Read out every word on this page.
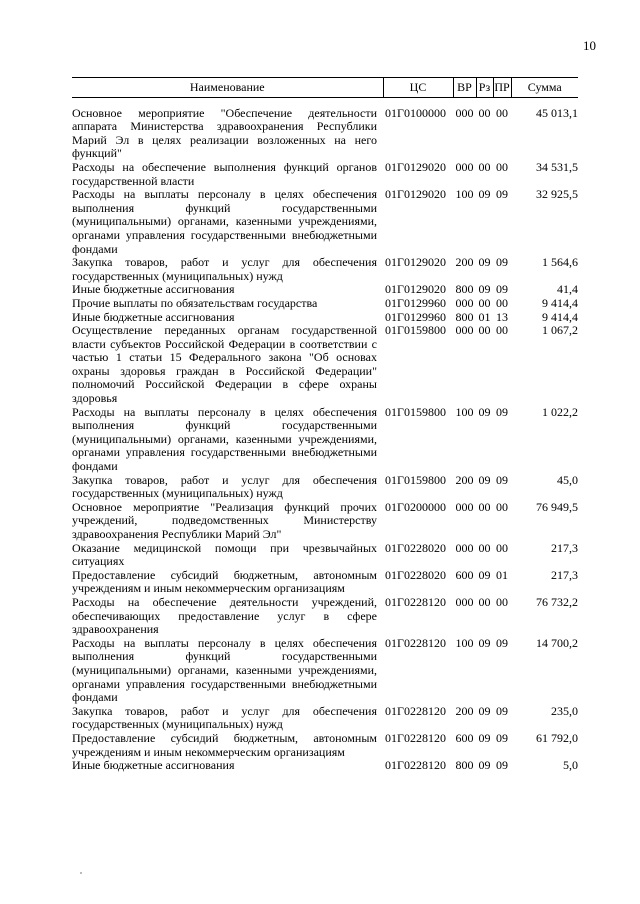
10
Наименование	ЦС	ВР	Рз	ПР	Сумма

Основное мероприятие "Обеспечение деятельности аппарата Министерства здравоохранения Республики Марий Эл в целях реализации возложенных на него функций"	01Г0100000	000	00	00	45 013,1
Расходы на обеспечение выполнения функций органов государственной власти	01Г0129020	000	00	00	34 531,5
Расходы на выплаты персоналу в целях обеспечения выполнения функций государственными (муниципальными) органами, казенными учреждениями, органами управления государственными внебюджетными фондами	01Г0129020	100	09	09	32 925,5
Закупка товаров, работ и услуг для обеспечения государственных (муниципальных) нужд	01Г0129020	200	09	09	1 564,6
Иные бюджетные ассигнования	01Г0129020	800	09	09	41,4
Прочие выплаты по обязательствам государства	01Г0129960	000	00	00	9 414,4
Иные бюджетные ассигнования	01Г0129960	800	01	13	9 414,4
Осуществление переданных органам государственной власти субъектов Российской Федерации в соответствии с частью 1 статьи 15 Федерального закона "Об основах охраны здоровья граждан в Российской Федерации" полномочий Российской Федерации в сфере охраны здоровья	01Г0159800	000	00	00	1 067,2
Расходы на выплаты персоналу в целях обеспечения выполнения функций государственными (муниципальными) органами, казенными учреждениями, органами управления государственными внебюджетными фондами	01Г0159800	100	09	09	1 022,2
Закупка товаров, работ и услуг для обеспечения государственных (муниципальных) нужд	01Г0159800	200	09	09	45,0
Основное мероприятие "Реализация функций прочих учреждений, подведомственных Министерству здравоохранения Республики Марий Эл"	01Г0200000	000	00	00	76 949,5
Оказание медицинской помощи при чрезвычайных ситуациях	01Г0228020	000	00	00	217,3
Предоставление субсидий бюджетным, автономным учреждениям и иным некоммерческим организациям	01Г0228020	600	09	01	217,3
Расходы на обеспечение деятельности учреждений, обеспечивающих предоставление услуг в сфере здравоохранения	01Г0228120	000	00	00	76 732,2
Расходы на выплаты персоналу в целях обеспечения выполнения функций государственными (муниципальными) органами, казенными учреждениями, органами управления государственными внебюджетными фондами	01Г0228120	100	09	09	14 700,2
Закупка товаров, работ и услуг для обеспечения государственных (муниципальных) нужд	01Г0228120	200	09	09	235,0
Предоставление субсидий бюджетным, автономным учреждениям и иным некоммерческим организациям	01Г0228120	600	09	09	61 792,0
Иные бюджетные ассигнования	01Г0228120	800	09	09	5,0
